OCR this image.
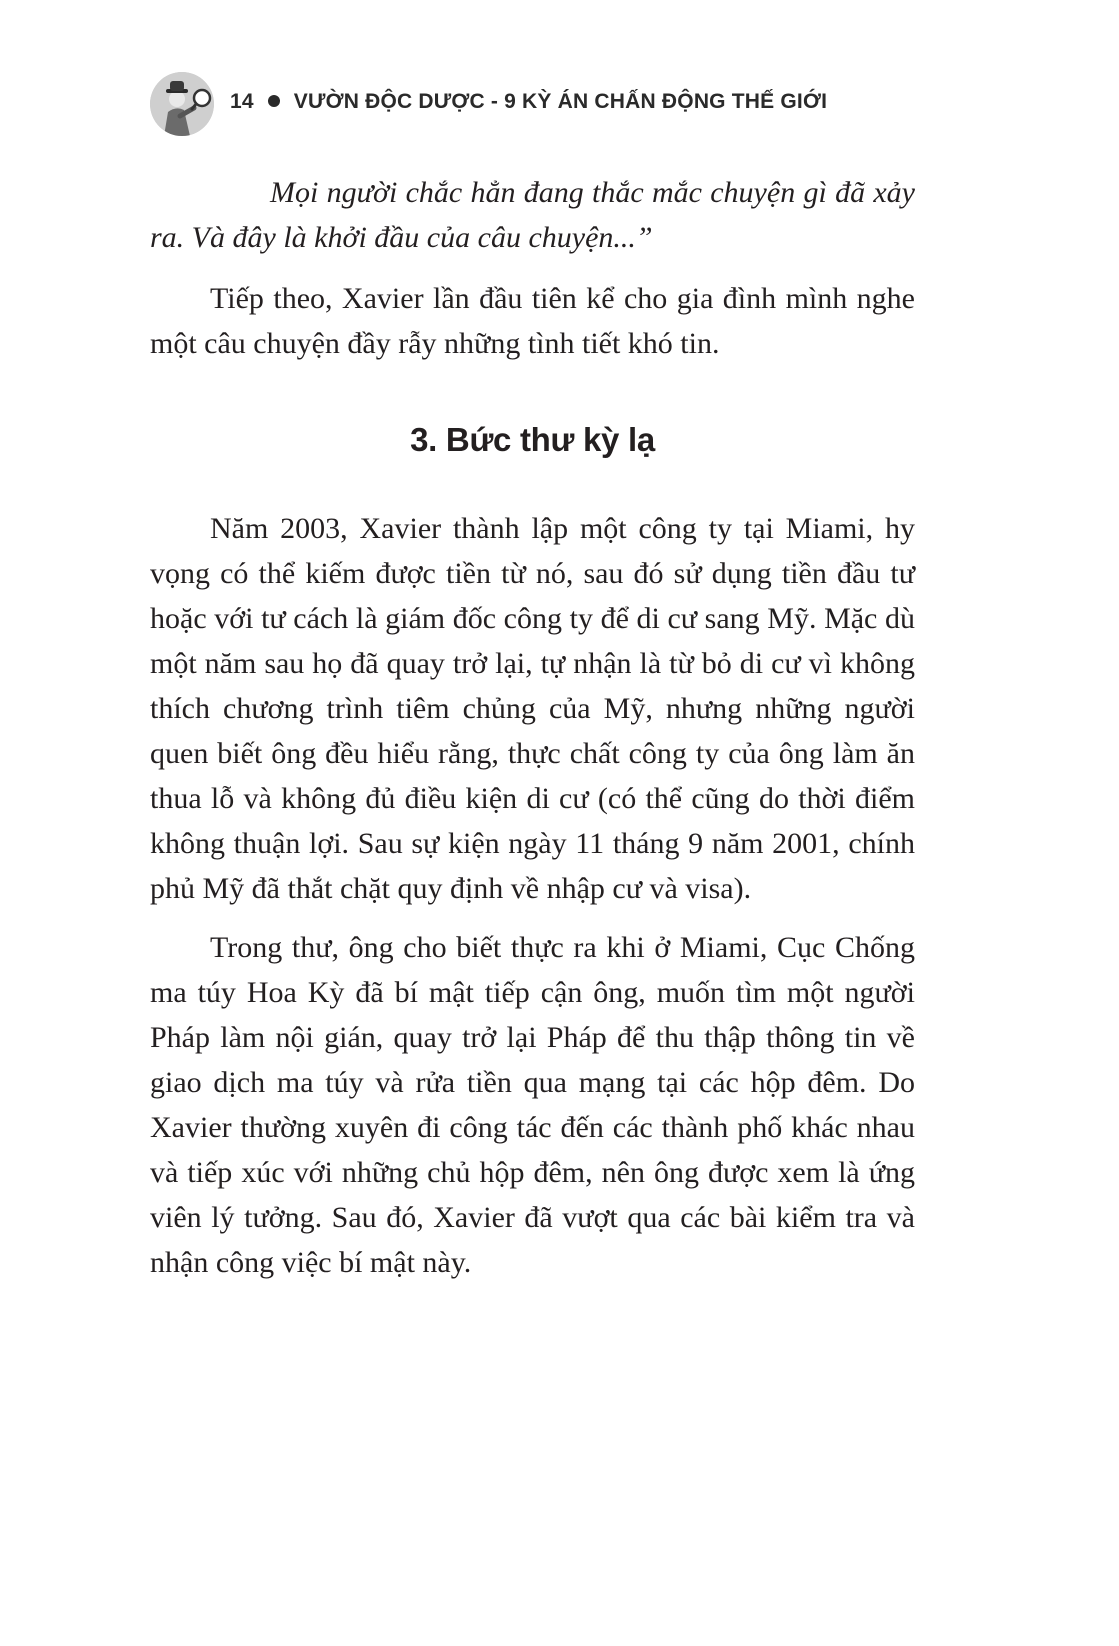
14 VƯỜN ĐỘC DƯỢC - 9 KỲ ÁN CHẤN ĐỘNG THẾ GIỚI

Mọi người chắc hẳn đang thắc mắc chuyện gì đã xảy ra. Và đây là khởi đầu của câu chuyện...”

Tiếp theo, Xavier lần đầu tiên kể cho gia đình mình nghe một câu chuyện đầy rẫy những tình tiết khó tin.

3. Bức thư kỳ lạ

Năm 2003, Xavier thành lập một công ty tại Miami, hy vọng có thể kiếm được tiền từ nó, sau đó sử dụng tiền đầu tư hoặc với tư cách là giám đốc công ty để di cư sang Mỹ. Mặc dù một năm sau họ đã quay trở lại, tự nhận là từ bỏ di cư vì không thích chương trình tiêm chủng của Mỹ, nhưng những người quen biết ông đều hiểu rằng, thực chất công ty của ông làm ăn thua lỗ và không đủ điều kiện di cư (có thể cũng do thời điểm không thuận lợi. Sau sự kiện ngày 11 tháng 9 năm 2001, chính phủ Mỹ đã thắt chặt quy định về nhập cư và visa).

Trong thư, ông cho biết thực ra khi ở Miami, Cục Chống ma túy Hoa Kỳ đã bí mật tiếp cận ông, muốn tìm một người Pháp làm nội gián, quay trở lại Pháp để thu thập thông tin về giao dịch ma túy và rửa tiền qua mạng tại các hộp đêm. Do Xavier thường xuyên đi công tác đến các thành phố khác nhau và tiếp xúc với những chủ hộp đêm, nên ông được xem là ứng viên lý tưởng. Sau đó, Xavier đã vượt qua các bài kiểm tra và nhận công việc bí mật này.
